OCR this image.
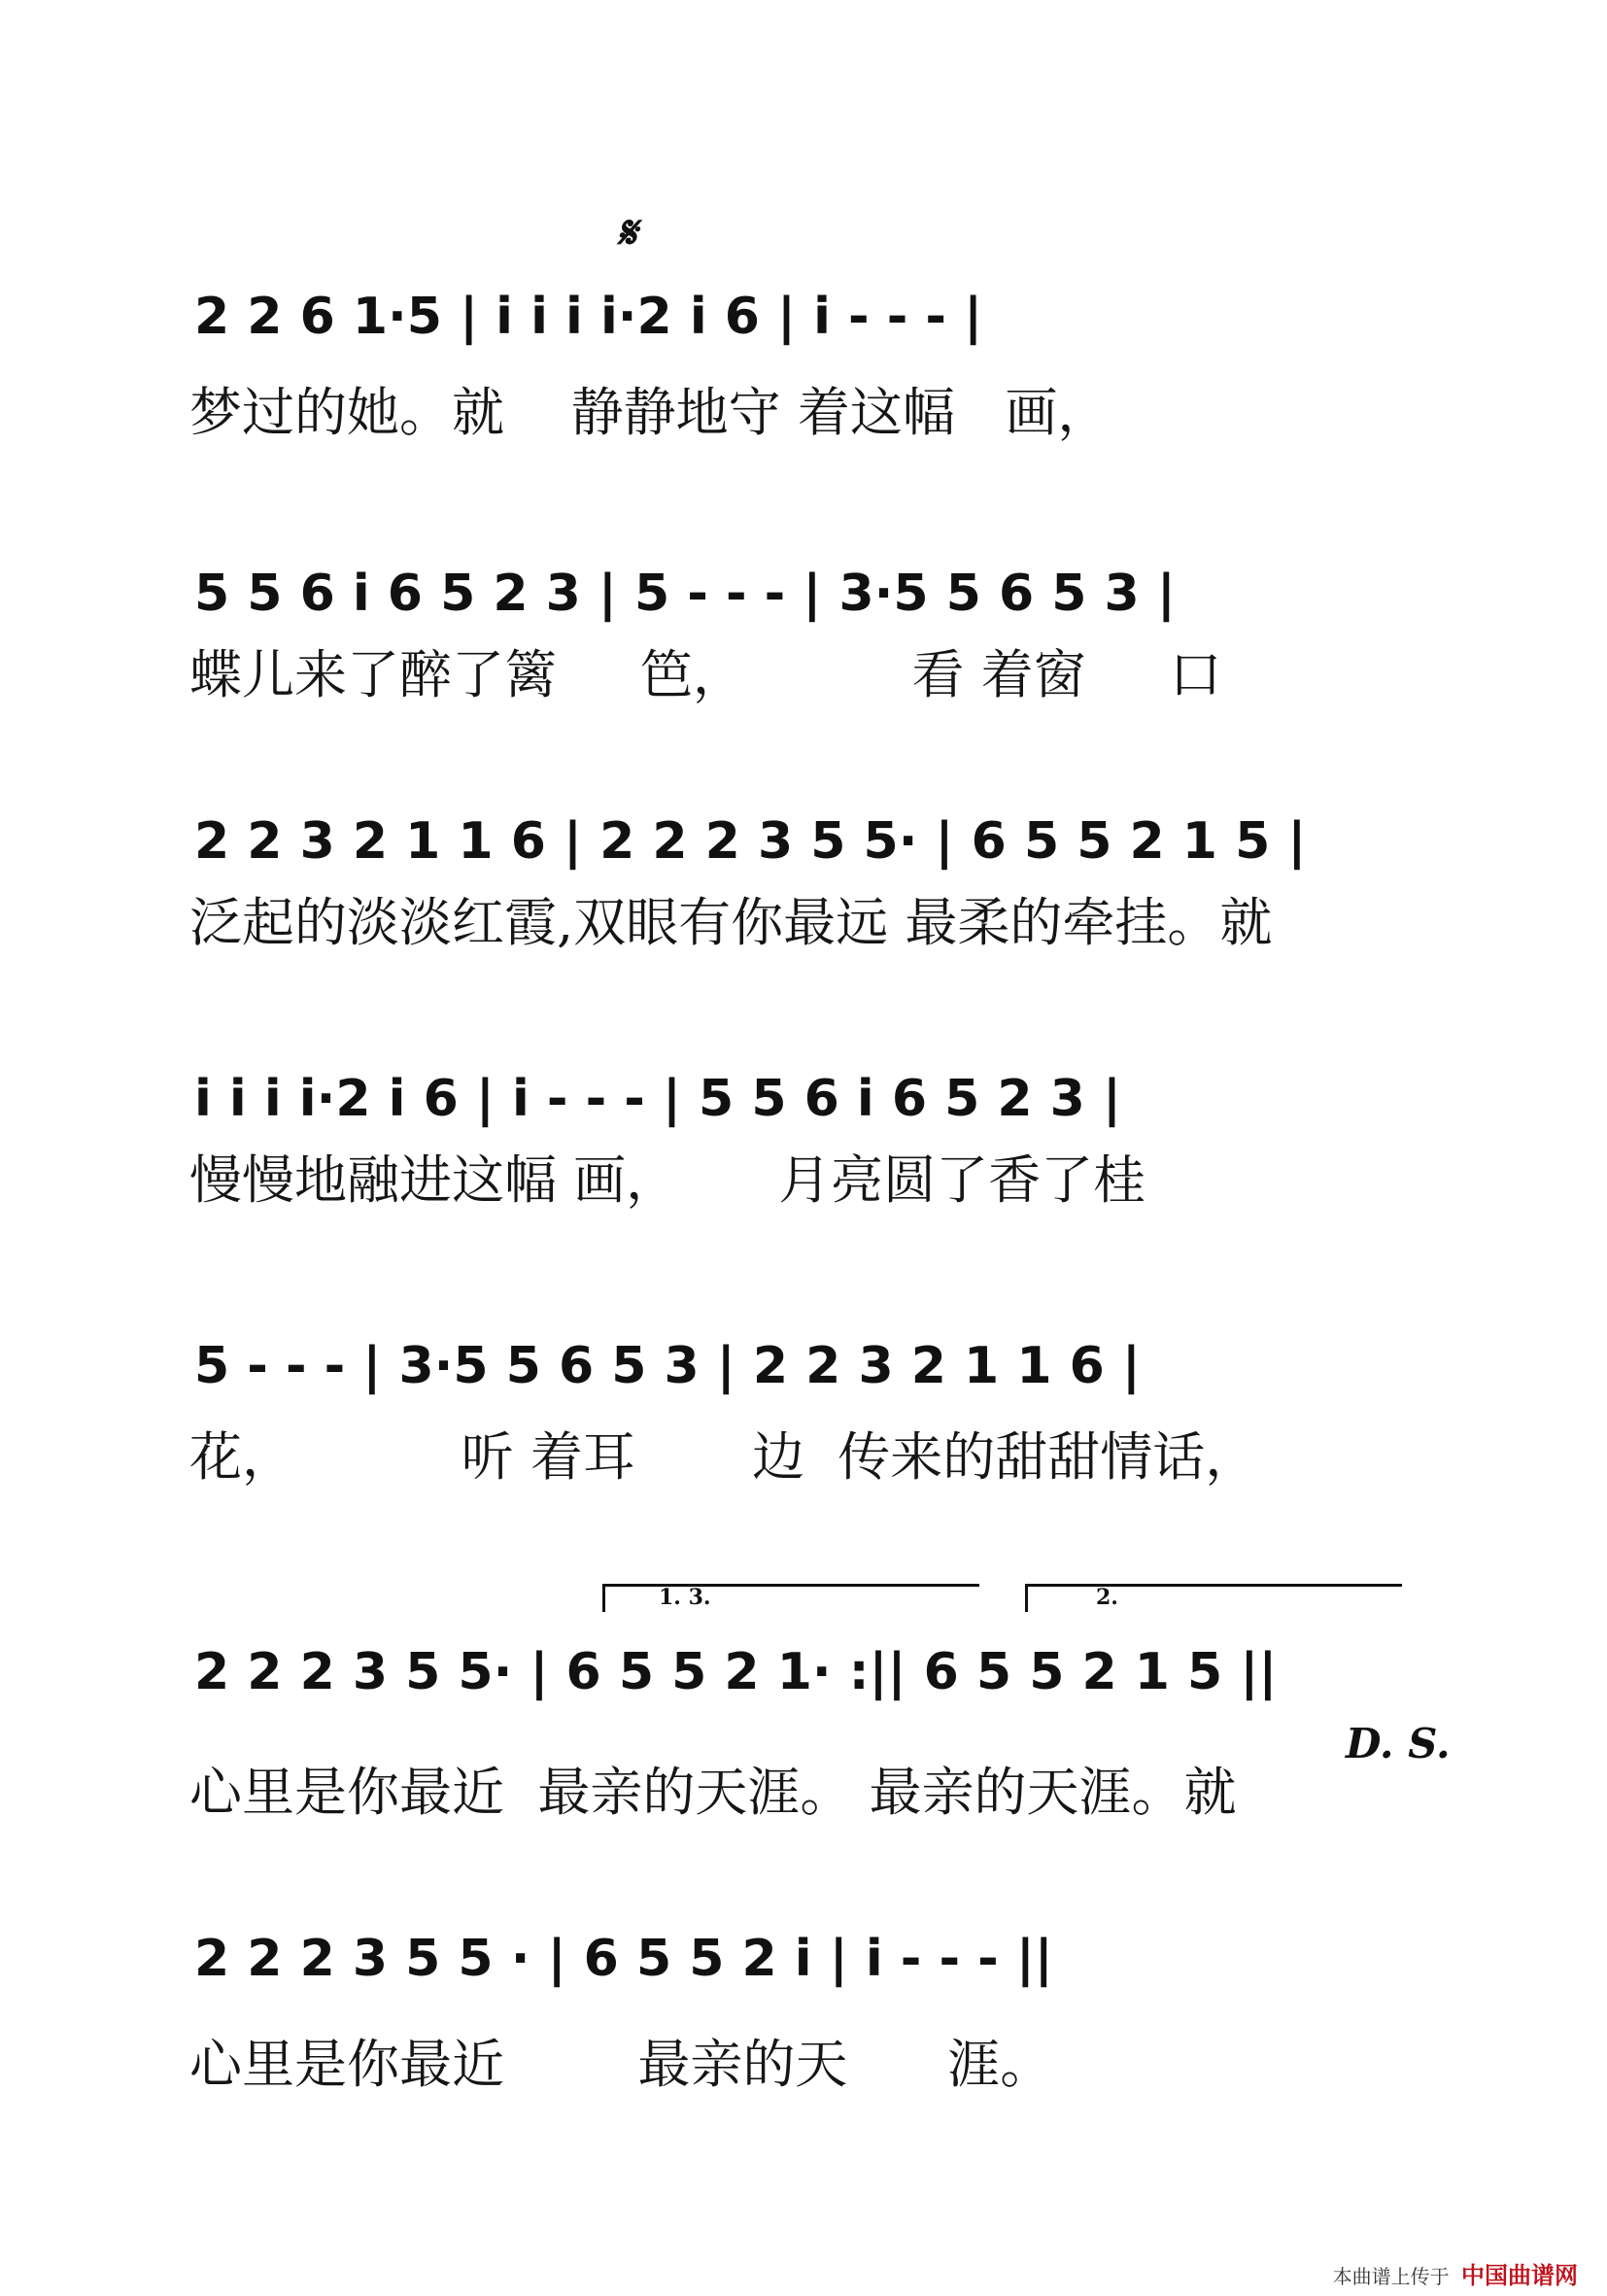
𝄋
2 2 6 1·5 | i i i i·2 i 6 | i - - - |
梦过的她。就    静静地守 着这幅   画，
5 5 6 i 6 5 2 3 | 5 - - - | 3·5 5 6 5 3 |
蝶儿来了醉了篱     笆，          看 着窗     口
2 2 3 2 1 1 6 | 2 2 2 3 5 5· | 6 5 5 2 1 5 |
泛起的淡淡红霞,双眼有你最远 最柔的牵挂。就
i i i i·2 i 6 | i - - - | 5 5 6 i 6 5 2 3 |
慢慢地融进这幅 画，      月亮圆了香了桂
5 - - - | 3·5 5 6 5 3 | 2 2 3 2 1 1 6 |
花，          听 着耳       边  传来的甜甜情话，
1. 3.	2.
2 2 2 3 5 5· | 6 5 5 2 1· :|| 6 5 5 2 1 5 ||
D. S.
心里是你最近  最亲的天涯。 最亲的天涯。就
2 2 2 3 5 5 · | 6 5 5 2 i | i - - - ||
心里是你最近        最亲的天      涯。
本曲谱上传于 中国曲谱网
